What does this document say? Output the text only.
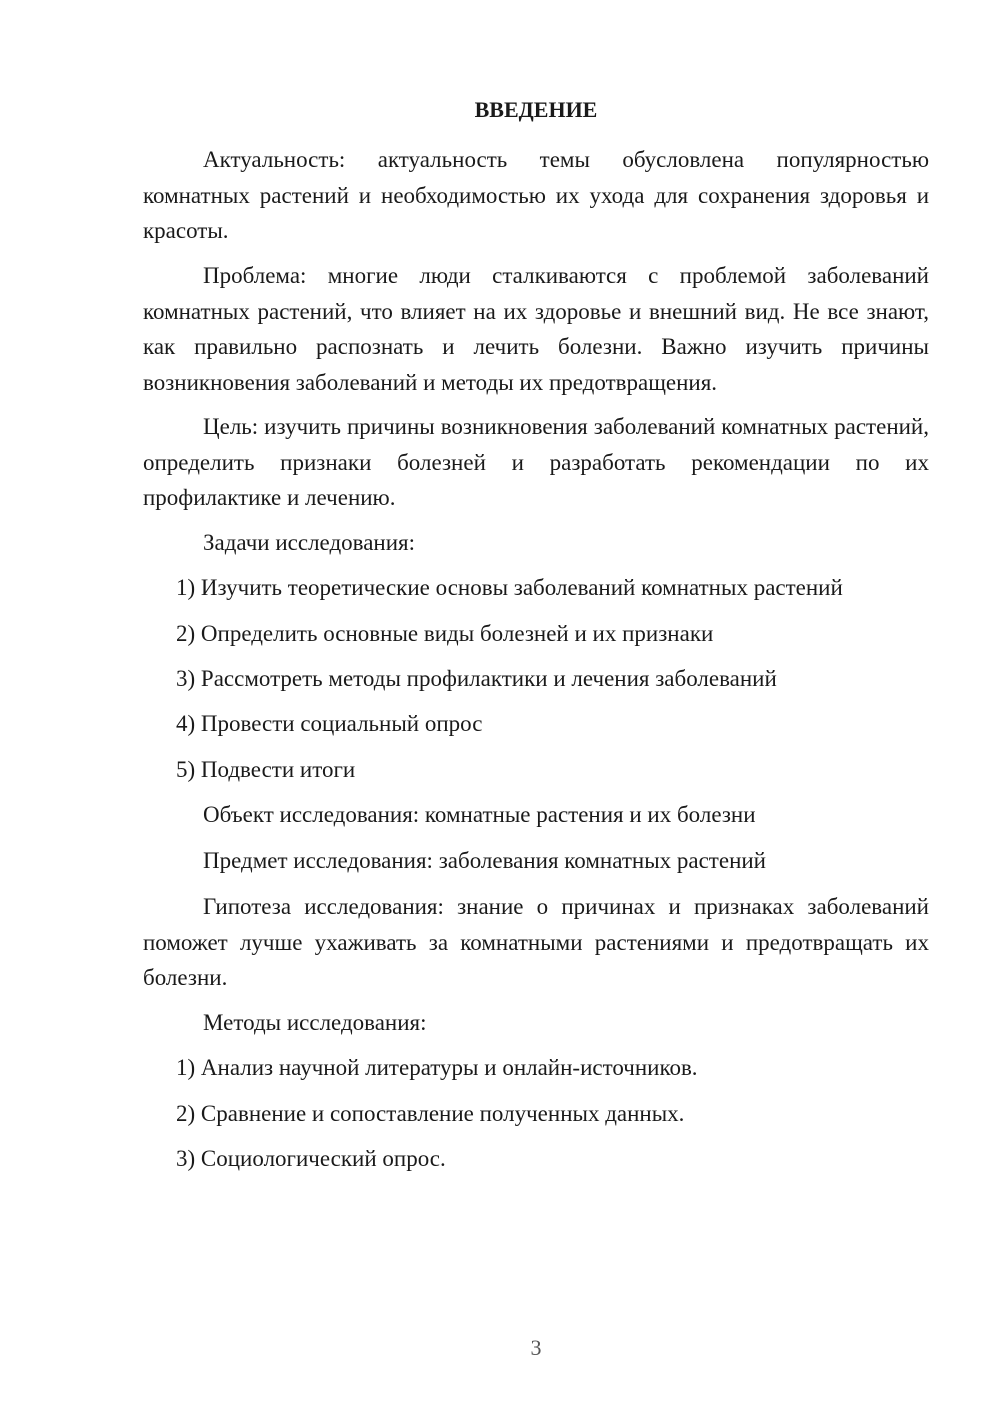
ВВЕДЕНИЕ

Актуальность: актуальность темы обусловлена популярностью комнатных растений и необходимостью их ухода для сохранения здоровья и красоты.

Проблема: многие люди сталкиваются с проблемой заболеваний комнатных растений, что влияет на их здоровье и внешний вид. Не все знают, как правильно распознать и лечить болезни. Важно изучить причины возникновения заболеваний и методы их предотвращения.

Цель: изучить причины возникновения заболеваний комнатных растений, определить признаки болезней и разработать рекомендации по их профилактике и лечению.

Задачи исследования:

1) Изучить теоретические основы заболеваний комнатных растений

2) Определить основные виды болезней и их признаки

3) Рассмотреть методы профилактики и лечения заболеваний

4) Провести социальный опрос

5) Подвести итоги

Объект исследования: комнатные растения и их болезни

Предмет исследования: заболевания комнатных растений

Гипотеза исследования: знание о причинах и признаках заболеваний поможет лучше ухаживать за комнатными растениями и предотвращать их болезни.

Методы исследования:

1) Анализ научной литературы и онлайн-источников.

2) Сравнение и сопоставление полученных данных.

3) Социологический опрос.

3
